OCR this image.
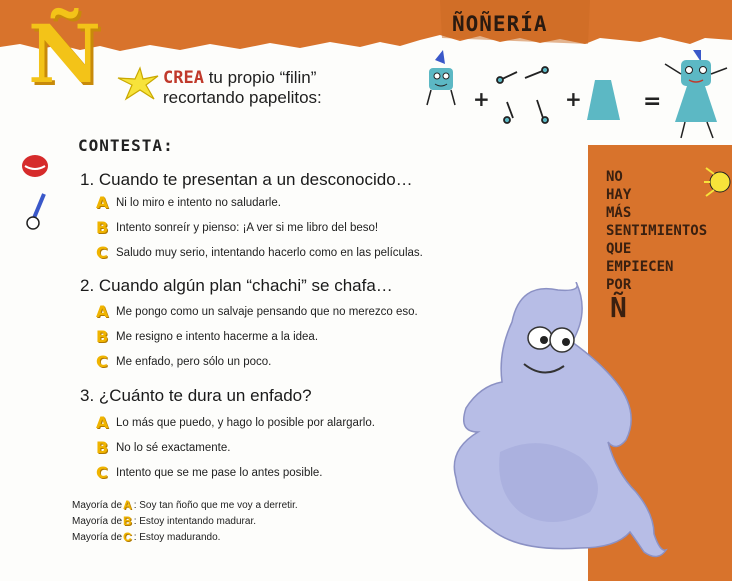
ÑOÑERÍA
Ñ	CREA tu propio “filin”
recortando papelitos:	+	+	=
CONTESTA:
1. Cuando te presentan a un desconocido…
A Ni lo miro e intento no saludarle.
B Intento sonreír y pienso: ¡A ver si me libro del beso!
C Saludo muy serio, intentando hacerlo como en las películas.
2. Cuando algún plan “chachi” se chafa…
A Me pongo como un salvaje pensando que no merezco eso.
B Me resigno e intento hacerme a la idea.
C Me enfado, pero sólo un poco.
3. ¿Cuánto te dura un enfado?
A Lo más que puedo, y hago lo posible por alargarlo.
B No lo sé exactamente.
C Intento que se me pase lo antes posible.
Mayoría de A : Soy tan ñoño que me voy a derretir.
Mayoría de B : Estoy intentando madurar.
Mayoría de C : Estoy madurando.
NO
HAY
MÁS
SENTIMIENTOS
QUE
EMPIECEN
POR
Ñ
